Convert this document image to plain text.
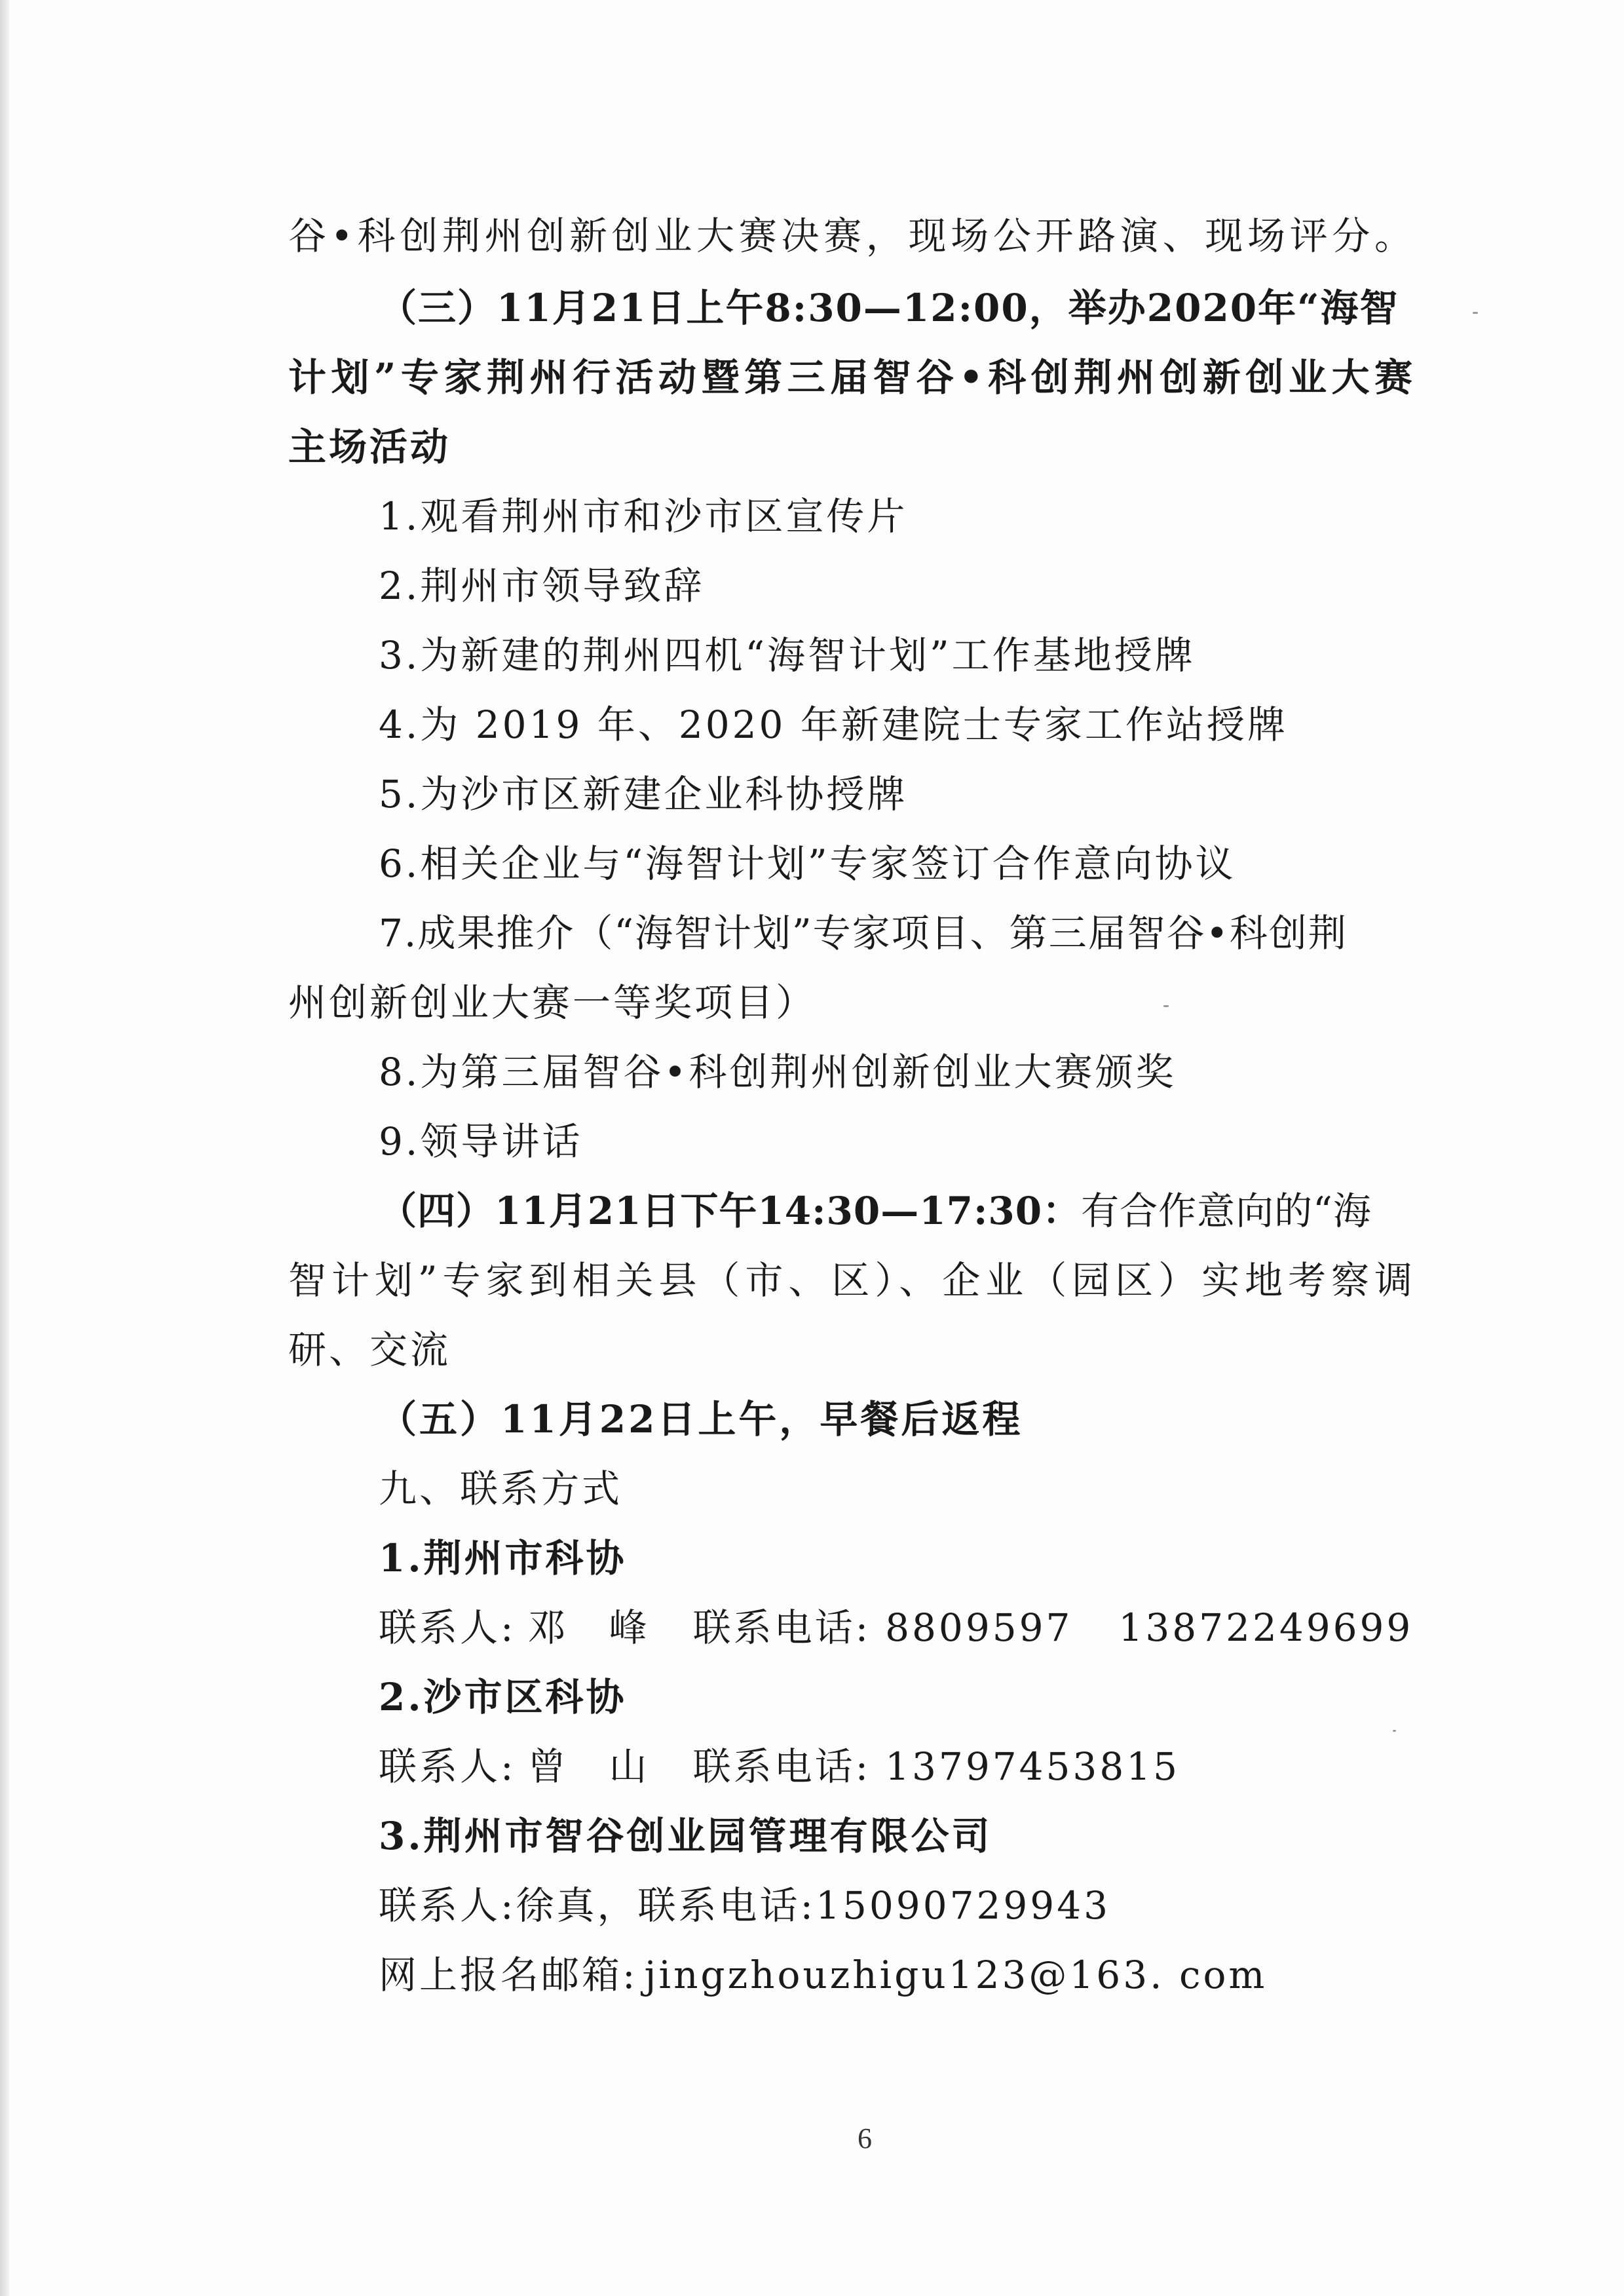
谷•科创荆州创新创业大赛决赛，现场公开路演、现场评分。
（三）11月21日上午8:30—12:00，举办2020年“海智
计划”专家荆州行活动暨第三届智谷•科创荆州创新创业大赛
主场活动
1.观看荆州市和沙市区宣传片
2.荆州市领导致辞
3.为新建的荆州四机“海智计划”工作基地授牌
4.为 2019 年、2020 年新建院士专家工作站授牌
5.为沙市区新建企业科协授牌
6.相关企业与“海智计划”专家签订合作意向协议
7.成果推介（“海智计划”专家项目、第三届智谷•科创荆
州创新创业大赛一等奖项目）
8.为第三届智谷•科创荆州创新创业大赛颁奖
9.领导讲话
（四）11月21日下午14:30—17:30：有合作意向的“海
智计划”专家到相关县（市、区）、企业（园区）实地考察调
研、交流
（五）11月22日上午，早餐后返程
九、联系方式
1.荆州市科协
联系人: 邓　峰 联系电话: 8809597 13872249699
2.沙市区科协
联系人: 曾　山 联系电话: 13797453815
3.荆州市智谷创业园管理有限公司
联系人:徐真，联系电话:15090729943
网上报名邮箱: jingzhouzhigu123@163. com
6
